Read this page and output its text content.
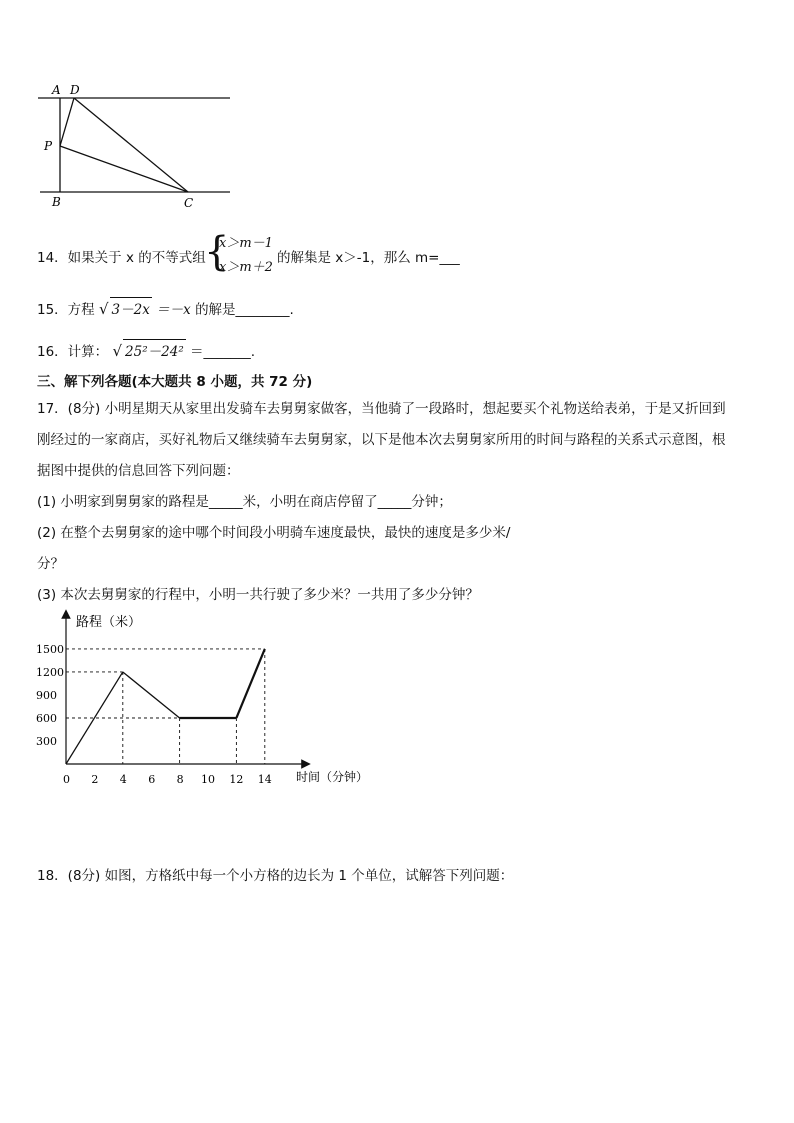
A D
P
B	C
14．如果关于 x 的不等式组
{
x＞m－1
x＞m＋2
的解集是 x＞-1，那么 m=___
15．方程 √ 3－2x ＝－x 的解是________.
16．计算： √ 25²－24² ＝_______.
三、解下列各题(本大题共 8 小题，共 72 分)
17．(8分) 小明星期天从家里出发骑车去舅舅家做客，当他骑了一段路时，想起要买个礼物送给表弟，于是又折回到
刚经过的一家商店，买好礼物后又继续骑车去舅舅家，以下是他本次去舅舅家所用的时间与路程的关系式示意图，根
据图中提供的信息回答下列问题：
(1) 小明家到舅舅家的路程是_____米，小明在商店停留了_____分钟；
(2) 在整个去舅舅家的途中哪个时间段小明骑车速度最快，最快的速度是多少米/
分？
(3) 本次去舅舅家的行程中，小明一共行驶了多少米？一共用了多少分钟？
路程（米）
时间（分钟）
0 2 4 6 8 10 12 14
300
600
900
1200
1500
18．(8分) 如图，方格纸中每一个小方格的边长为 1 个单位，试解答下列问题：
